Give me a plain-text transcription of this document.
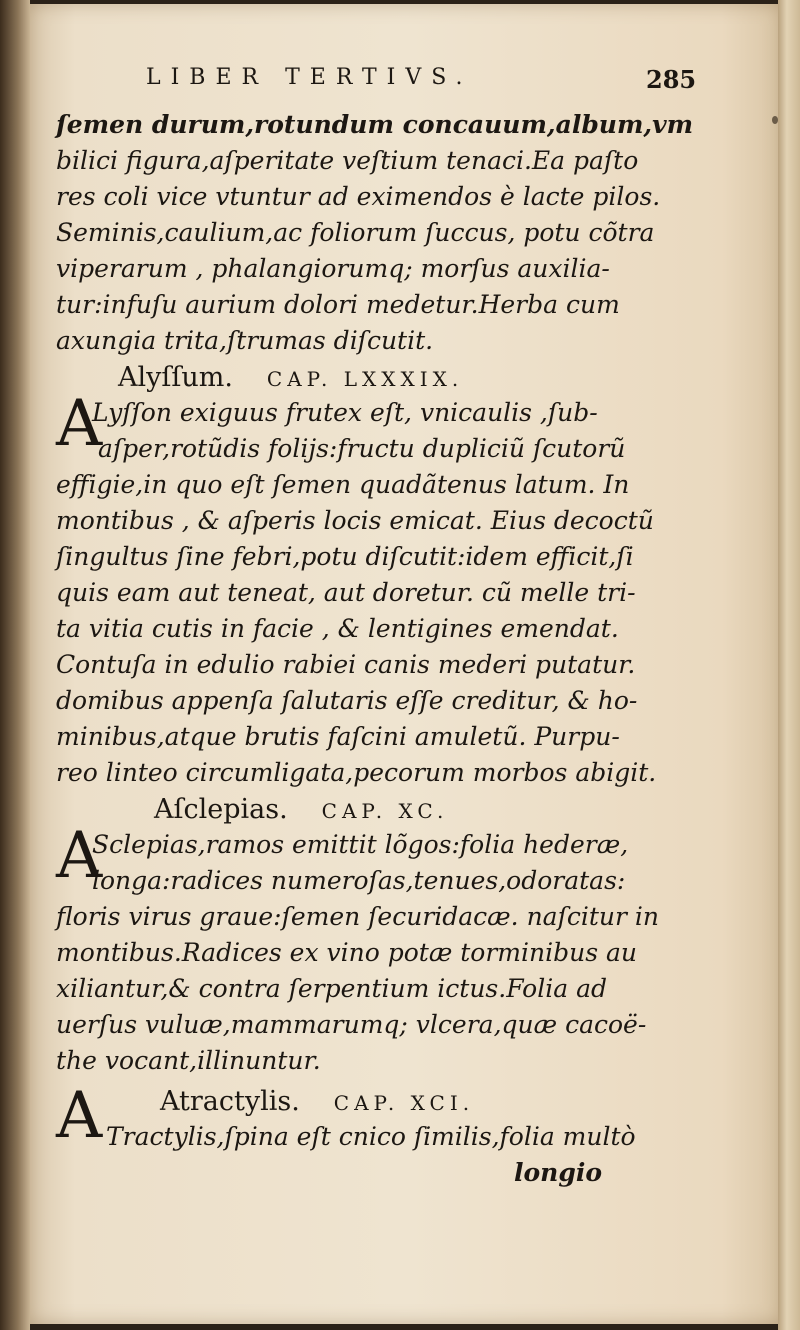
LIBER TERTIVS.	285
ſemen durum,rotundum concauum,album,vm
bilici figura,aſperitate veſtium tenaci.Ea paſto
res coli vice vtuntur ad eximendos è lacte pilos.
Seminis,caulium,ac foliorum ſuccus, potu cõtra
viperarum , phalangiorumq; morſus auxilia-
tur:infuſu aurium dolori medetur.Herba cum
axungia trita,ſtrumas diſcutit.
Alyſſum. CAP. LXXXIX.
A
Lyſſon exiguus frutex eſt, vnicaulis ,ſub-
aſper,rotũdis folijs:fructu dupliciũ ſcutorũ
effigie,in quo eſt ſemen quadãtenus latum. In
montibus , & aſperis locis emicat. Eius decoctũ
ſingultus ſine febri,potu diſcutit:idem efficit,ſi
quis eam aut teneat, aut doretur. cũ melle tri-
ta vitia cutis in facie , & lentigines emendat.
Contuſa in edulio rabiei canis mederi putatur.
domibus appenſa ſalutaris eſſe creditur, & ho-
minibus,atque brutis faſcini amuletũ. Purpu-
reo linteo circumligata,pecorum morbos abigit.
Aſclepias. CAP. XC.
A
Sclepias,ramos emittit lõgos:folia hederæ,
longa:radices numeroſas,tenues,odoratas:
floris virus graue:ſemen ſecuridacæ. naſcitur in
montibus.Radices ex vino potæ torminibus au
xiliantur,& contra ſerpentium ictus.Folia ad
uerſus vuluæ,mammarumq; vlcera,quæ cacoë-
the vocant,illinuntur.
A Atractylis. CAP. XCI.
Tractylis,ſpina eſt cnico ſimilis,folia multò
longio
